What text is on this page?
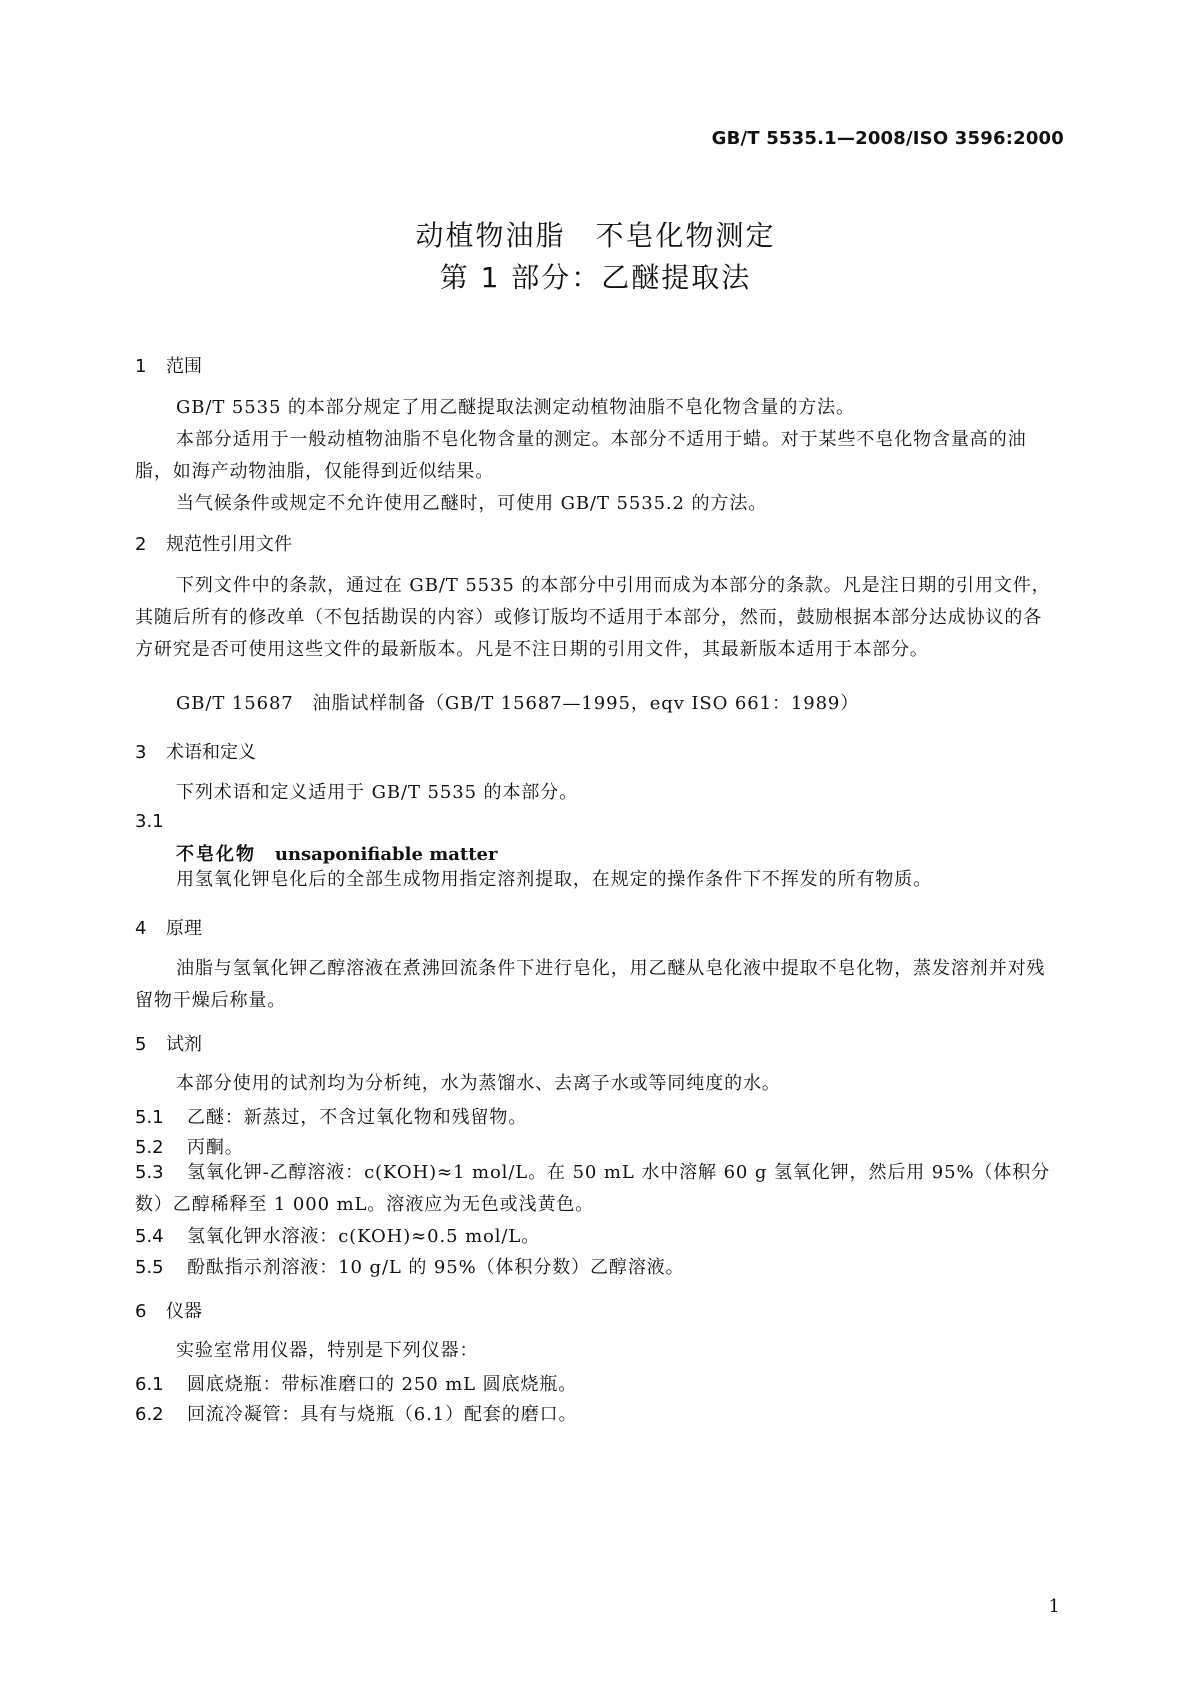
GB/T 5535.1—2008/ISO 3596:2000
动植物油脂　不皂化物测定
第 1 部分：乙醚提取法
1 范围
GB/T 5535 的本部分规定了用乙醚提取法测定动植物油脂不皂化物含量的方法。
本部分适用于一般动植物油脂不皂化物含量的测定。本部分不适用于蜡。对于某些不皂化物含量高的油脂，如海产动物油脂，仅能得到近似结果。
当气候条件或规定不允许使用乙醚时，可使用 GB/T 5535.2 的方法。
2 规范性引用文件
下列文件中的条款，通过在 GB/T 5535 的本部分中引用而成为本部分的条款。凡是注日期的引用文件，其随后所有的修改单（不包括勘误的内容）或修订版均不适用于本部分，然而，鼓励根据本部分达成协议的各方研究是否可使用这些文件的最新版本。凡是不注日期的引用文件，其最新版本适用于本部分。
GB/T 15687　油脂试样制备（GB/T 15687—1995，eqv ISO 661：1989）
3 术语和定义
下列术语和定义适用于 GB/T 5535 的本部分。
3.1
不皂化物 unsaponifiable matter
用氢氧化钾皂化后的全部生成物用指定溶剂提取，在规定的操作条件下不挥发的所有物质。
4 原理
油脂与氢氧化钾乙醇溶液在煮沸回流条件下进行皂化，用乙醚从皂化液中提取不皂化物，蒸发溶剂并对残留物干燥后称量。
5 试剂
本部分使用的试剂均为分析纯，水为蒸馏水、去离子水或等同纯度的水。
5.1 乙醚：新蒸过，不含过氧化物和残留物。
5.2 丙酮。
5.3 氢氧化钾-乙醇溶液：c(KOH)≈1 mol/L。在 50 mL 水中溶解 60 g 氢氧化钾，然后用 95%（体积分数）乙醇稀释至 1 000 mL。溶液应为无色或浅黄色。
5.4 氢氧化钾水溶液：c(KOH)≈0.5 mol/L。
5.5 酚酞指示剂溶液：10 g/L 的 95%（体积分数）乙醇溶液。
6 仪器
实验室常用仪器，特别是下列仪器：
6.1 圆底烧瓶：带标准磨口的 250 mL 圆底烧瓶。
6.2 回流冷凝管：具有与烧瓶（6.1）配套的磨口。
1
